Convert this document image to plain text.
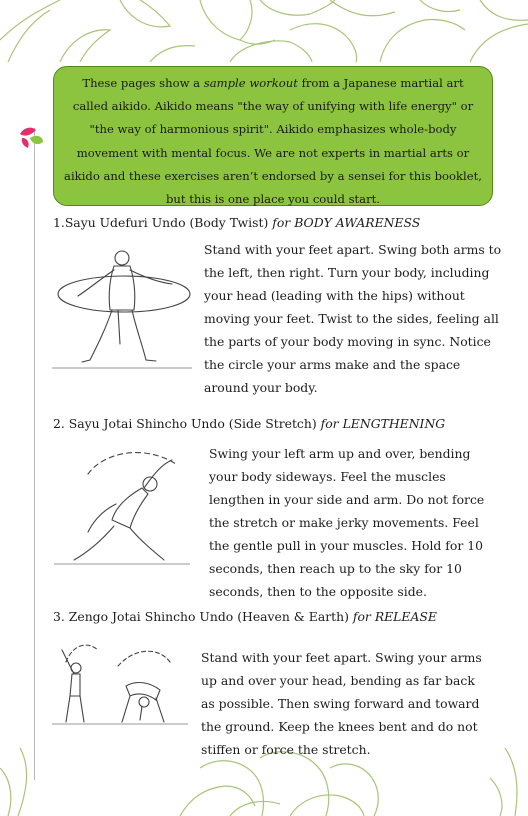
These pages show a sample workout from a Japanese martial art called aikido. Aikido means "the way of unifying with life energy" or "the way of harmonious spirit". Aikido emphasizes whole-body movement with mental focus. We are not experts in martial arts or aikido and these exercises aren’t endorsed by a sensei for this booklet, but this is one place you could start.
1.Sayu Udefuri Undo (Body Twist) for BODY AWARENESS
Stand with your feet apart. Swing both arms to the left, then right. Turn your body, including your head (leading with the hips) without moving your feet. Twist to the sides, feeling all the parts of your body moving in sync. Notice the circle your arms make and the space around your body.
2. Sayu Jotai Shincho Undo (Side Stretch) for LENGTHENING
Swing your left arm up and over, bending your body sideways. Feel the muscles lengthen in your side and arm. Do not force the stretch or make jerky movements. Feel the gentle pull in your muscles. Hold for 10 seconds, then reach up to the sky for 10 seconds, then to the opposite side.
3. Zengo Jotai Shincho Undo (Heaven & Earth) for RELEASE
Stand with your feet apart. Swing your arms up and over your head, bending as far back as possible. Then swing forward and toward the ground. Keep the knees bent and do not stiffen or force the stretch.
